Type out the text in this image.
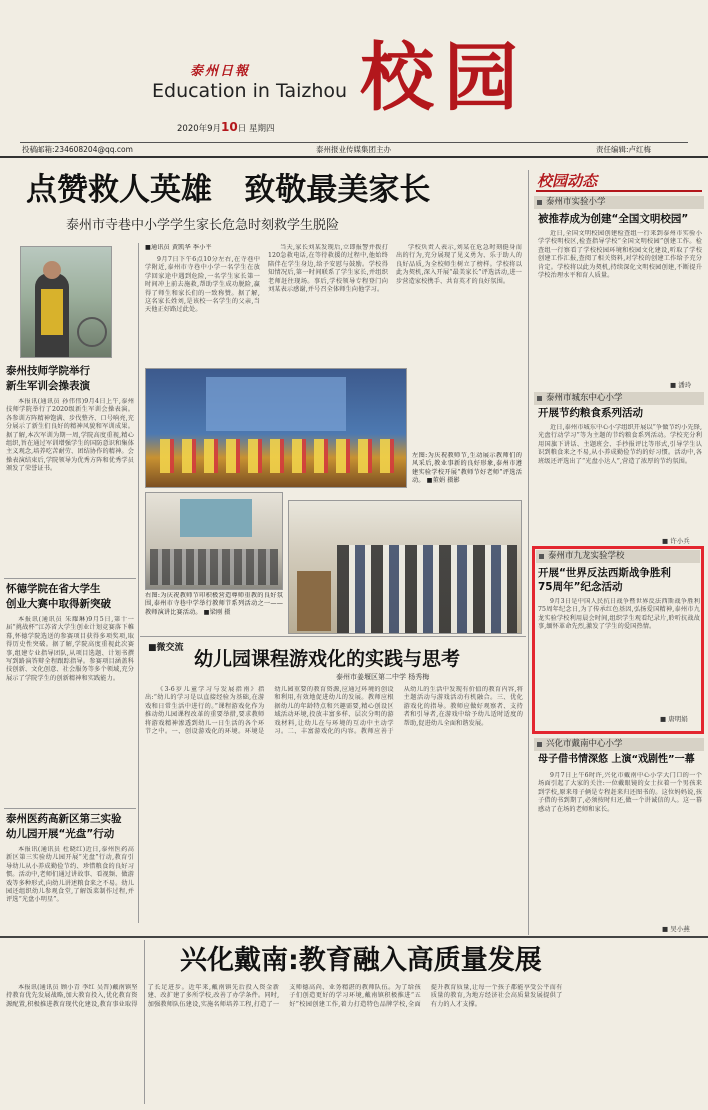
泰州日報
Education in Taizhou 校园
2020年9月10日 星期四
投稿邮箱:234608204@qq.com	泰州报业传媒集团主办	责任编辑:卢红梅
点赞救人英雄   致敬最美家长
泰州市寺巷中小学学生家长危急时刻救学生脱险
泰州技师学院举行
新生军训会操表演
本报讯(通讯员 孙伟伟)9月4日上午,泰州技师学院举行了2020级新生军训会操表演。各参训方阵精神饱满、步伐整齐、口号响亮,充分展示了新生们良好的精神风貌和军训成果。据了解,本次军训为期一周,学院高度重视,精心组织,旨在通过军训增强学生的国防意识和集体主义观念,培养吃苦耐劳、团结协作的精神。会操表演结束后,学院领导为优秀方阵和优秀学员颁发了荣誉证书。
怀德学院在省大学生
创业大赛中取得新突破
本报讯(通讯员 朱耀琳)9月5日,第十一届“挑战杯”江苏省大学生创业计划竞赛落下帷幕,怀德学院选送的参赛项目获得多项奖项,取得历史性突破。据了解,学院高度重视此次赛事,组建专业指导团队,从项目选题、计划书撰写到路演答辩全程跟踪指导。参赛项目涵盖科技创新、文化创意、社会服务等多个领域,充分展示了学院学生的创新精神和实践能力。
泰州医药高新区第三实验
幼儿园开展“光盘”行动
本报讯(通讯员 杜晓红)近日,泰州医药高新区第三实验幼儿园开展“光盘”行动,教育引导幼儿从小养成勤俭节约、珍惜粮食的良好习惯。活动中,老师们通过讲故事、看视频、做游戏等多种形式,向幼儿讲述粮食来之不易。幼儿园还组织幼儿参观食堂,了解饭菜制作过程,并评选“光盘小明星”。
■通讯员 黄凯华 季小平
9月7日下午6点10分左右,在寺巷中学附近,泰州市寺巷中小学一名学生在放学回家途中遇到危险,一名学生家长第一时间冲上前去施救,帮助学生成功脱险,赢得了师生和家长们的一致称赞。据了解,这名家长姓刘,是该校一名学生的父亲,当天他正好路过此处。
当天,家长刘某发现后,立即报警并拨打120急救电话,在等待救援的过程中,他始终陪伴在学生身边,给予安慰与鼓励。学校得知情况后,第一时间联系了学生家长,并组织老师赶往现场。事后,学校领导专程登门向刘某表示感谢,并号召全体师生向他学习。
学校负责人表示,刘某在危急时刻挺身而出的行为,充分展现了见义勇为、乐于助人的良好品质,为全校师生树立了榜样。学校将以此为契机,深入开展“最美家长”评选活动,进一步营造家校携手、共育英才的良好氛围。
左图:为庆祝教师节,生动展示教师们的风采后,教业事新的良好形象,泰州市遵建实验学校开展“教师节好老师”评选活动。 ■董娟 摄影
右图:为庆祝教师节印积极营造尊师重教的良好氛围,泰州市寺巷中学举行教师节系列活动之一——教师演讲比赛活动。 ■梁刚 摄
■微交流 幼儿园课程游戏化的实践与思考
泰州市姜堰区第二中学 杨秀梅
《3-6岁儿童学习与发展指南》指出:“幼儿的学习是以直接经验为基础,在游戏和日常生活中进行的。”课程游戏化作为推动幼儿园课程改革的重要举措,要求教师将游戏精神渗透到幼儿一日生活的各个环节之中。一、创设游戏化的环境。环境是幼儿园重要的教育资源,应通过环境的创设和利用,有效地促进幼儿的发展。教师应根据幼儿的年龄特点和兴趣需要,精心创设区域活动环境,投放丰富多样、层次分明的游戏材料,让幼儿在与环境的互动中主动学习。二、丰富游戏化的内容。教师应善于从幼儿的生活中发现有价值的教育内容,将主题活动与游戏活动有机融合。三、优化游戏化的指导。教师应做好观察者、支持者和引导者,在游戏中给予幼儿适时适度的帮助,促进幼儿全面和谐发展。
校园动态
泰州市实验小学
被推荐成为创建“全国文明校园”
近日,全国文明校园创建检查组一行来到泰州市实验小学学校明校区,检查指导学校“全国文明校园”创建工作。检查组一行察看了学校校园环境和校园文化建设,听取了学校创建工作汇报,查阅了相关资料,对学校的创建工作给予充分肯定。学校将以此为契机,持续深化文明校园创建,不断提升学校治理水平和育人质量。
■ 潘玲
泰州市城东中心小学
开展节约粮食系列活动
近日,泰州市城东中心小学组织开展以“争做节约小先锋,光盘行动学习”等为主题的节约粮食系列活动。学校充分利用国旗下讲话、主题班会、手抄报评比等形式,引导学生认识到粮食来之不易,从小养成勤俭节约的好习惯。活动中,各班级还评选出了“光盘小达人”,营造了浓厚的节约氛围。
■ 许小兵
泰州市九龙实验学校
开展“世界反法西斯战争胜利
75周年”纪念活动
9月3日是中国人民抗日战争暨世界反法西斯战争胜利75周年纪念日,为了传承红色基因,弘扬爱国精神,泰州市九龙实验学校利用晨会时间,组织学生观看纪录片,聆听抗战故事,缅怀革命先烈,激发了学生的爱国热情。
■ 唐明娟
兴化市戴南中心小学
母子借书情深悠 上演“戏剧性”一幕
9月7日上午6时许,兴化市戴南中心小学大门口的一个场面引起了大家的关注:一位戴眼镜的女士拉着一个男孩来到学校,原来母子俩是专程赶来归还图书的。这位妈妈说,孩子借的书到期了,必须按时归还,做一个讲诚信的人。这一幕感动了在场的老师和家长。
■ 吴小燕
兴化戴南:教育融入高质量发展
本报讯(通讯员 顾小青 李红 吴晋)戴南镇坚持教育优先发展战略,加大教育投入,优化教育资源配置,积极推进教育现代化建设,教育事业取得了长足进步。近年来,戴南镇先后投入资金新建、改扩建了多所学校,改善了办学条件。同时,加强教师队伍建设,实施名师培养工程,打造了一支师德高尚、业务精湛的教师队伍。为了给孩子们创造更好的学习环境,戴南镇积极推进“五好”校园创建工作,着力打造特色品牌学校,全面提升教育质量,让每一个孩子都能享受公平而有质量的教育,为地方经济社会高质量发展提供了有力的人才支撑。
